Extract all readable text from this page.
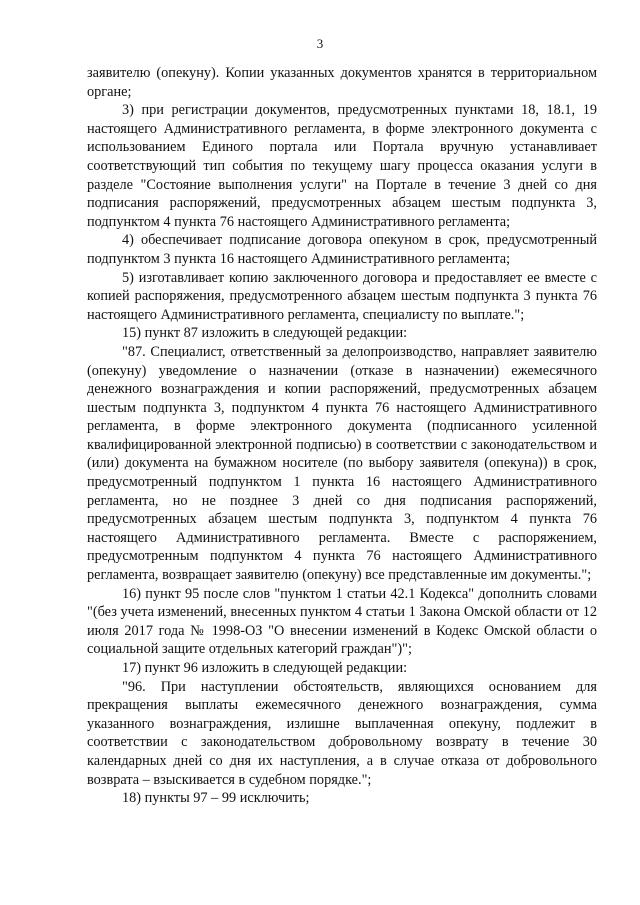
3

заявителю (опекуну). Копии указанных документов хранятся в территориальном органе;

3) при регистрации документов, предусмотренных пунктами 18, 18.1, 19 настоящего Административного регламента, в форме электронного документа с использованием Единого портала или Портала вручную устанавливает соответствующий тип события по текущему шагу процесса оказания услуги в разделе "Состояние выполнения услуги" на Портале в течение 3 дней со дня подписания распоряжений, предусмотренных абзацем шестым подпункта 3, подпунктом 4 пункта 76 настоящего Административного регламента;

4) обеспечивает подписание договора опекуном в срок, предусмотренный подпунктом 3 пункта 16 настоящего Административного регламента;

5) изготавливает копию заключенного договора и предоставляет ее вместе с копией распоряжения, предусмотренного абзацем шестым подпункта 3 пункта 76 настоящего Административного регламента, специалисту по выплате.";

15) пункт 87 изложить в следующей редакции:

"87. Специалист, ответственный за делопроизводство, направляет заявителю (опекуну) уведомление о назначении (отказе в назначении) ежемесячного денежного вознаграждения и копии распоряжений, предусмотренных абзацем шестым подпункта 3, подпунктом 4 пункта 76 настоящего Административного регламента, в форме электронного документа (подписанного усиленной квалифицированной электронной подписью) в соответствии с законодательством и (или) документа на бумажном носителе (по выбору заявителя (опекуна)) в срок, предусмотренный подпунктом 1 пункта 16 настоящего Административного регламента, но не позднее 3 дней со дня подписания распоряжений, предусмотренных абзацем шестым подпункта 3, подпунктом 4 пункта 76 настоящего Административного регламента. Вместе с распоряжением, предусмотренным подпунктом 4 пункта 76 настоящего Административного регламента, возвращает заявителю (опекуну) все представленные им документы.";

16) пункт 95 после слов "пунктом 1 статьи 42.1 Кодекса" дополнить словами "(без учета изменений, внесенных пунктом 4 статьи 1 Закона Омской области от 12 июля 2017 года № 1998-ОЗ "О внесении изменений в Кодекс Омской области о социальной защите отдельных категорий граждан")";

17) пункт 96 изложить в следующей редакции:

"96. При наступлении обстоятельств, являющихся основанием для прекращения выплаты ежемесячного денежного вознаграждения, сумма указанного вознаграждения, излишне выплаченная опекуну, подлежит в соответствии с законодательством добровольному возврату в течение 30 календарных дней со дня их наступления, а в случае отказа от добровольного возврата – взыскивается в судебном порядке.";

18) пункты 97 – 99 исключить;
